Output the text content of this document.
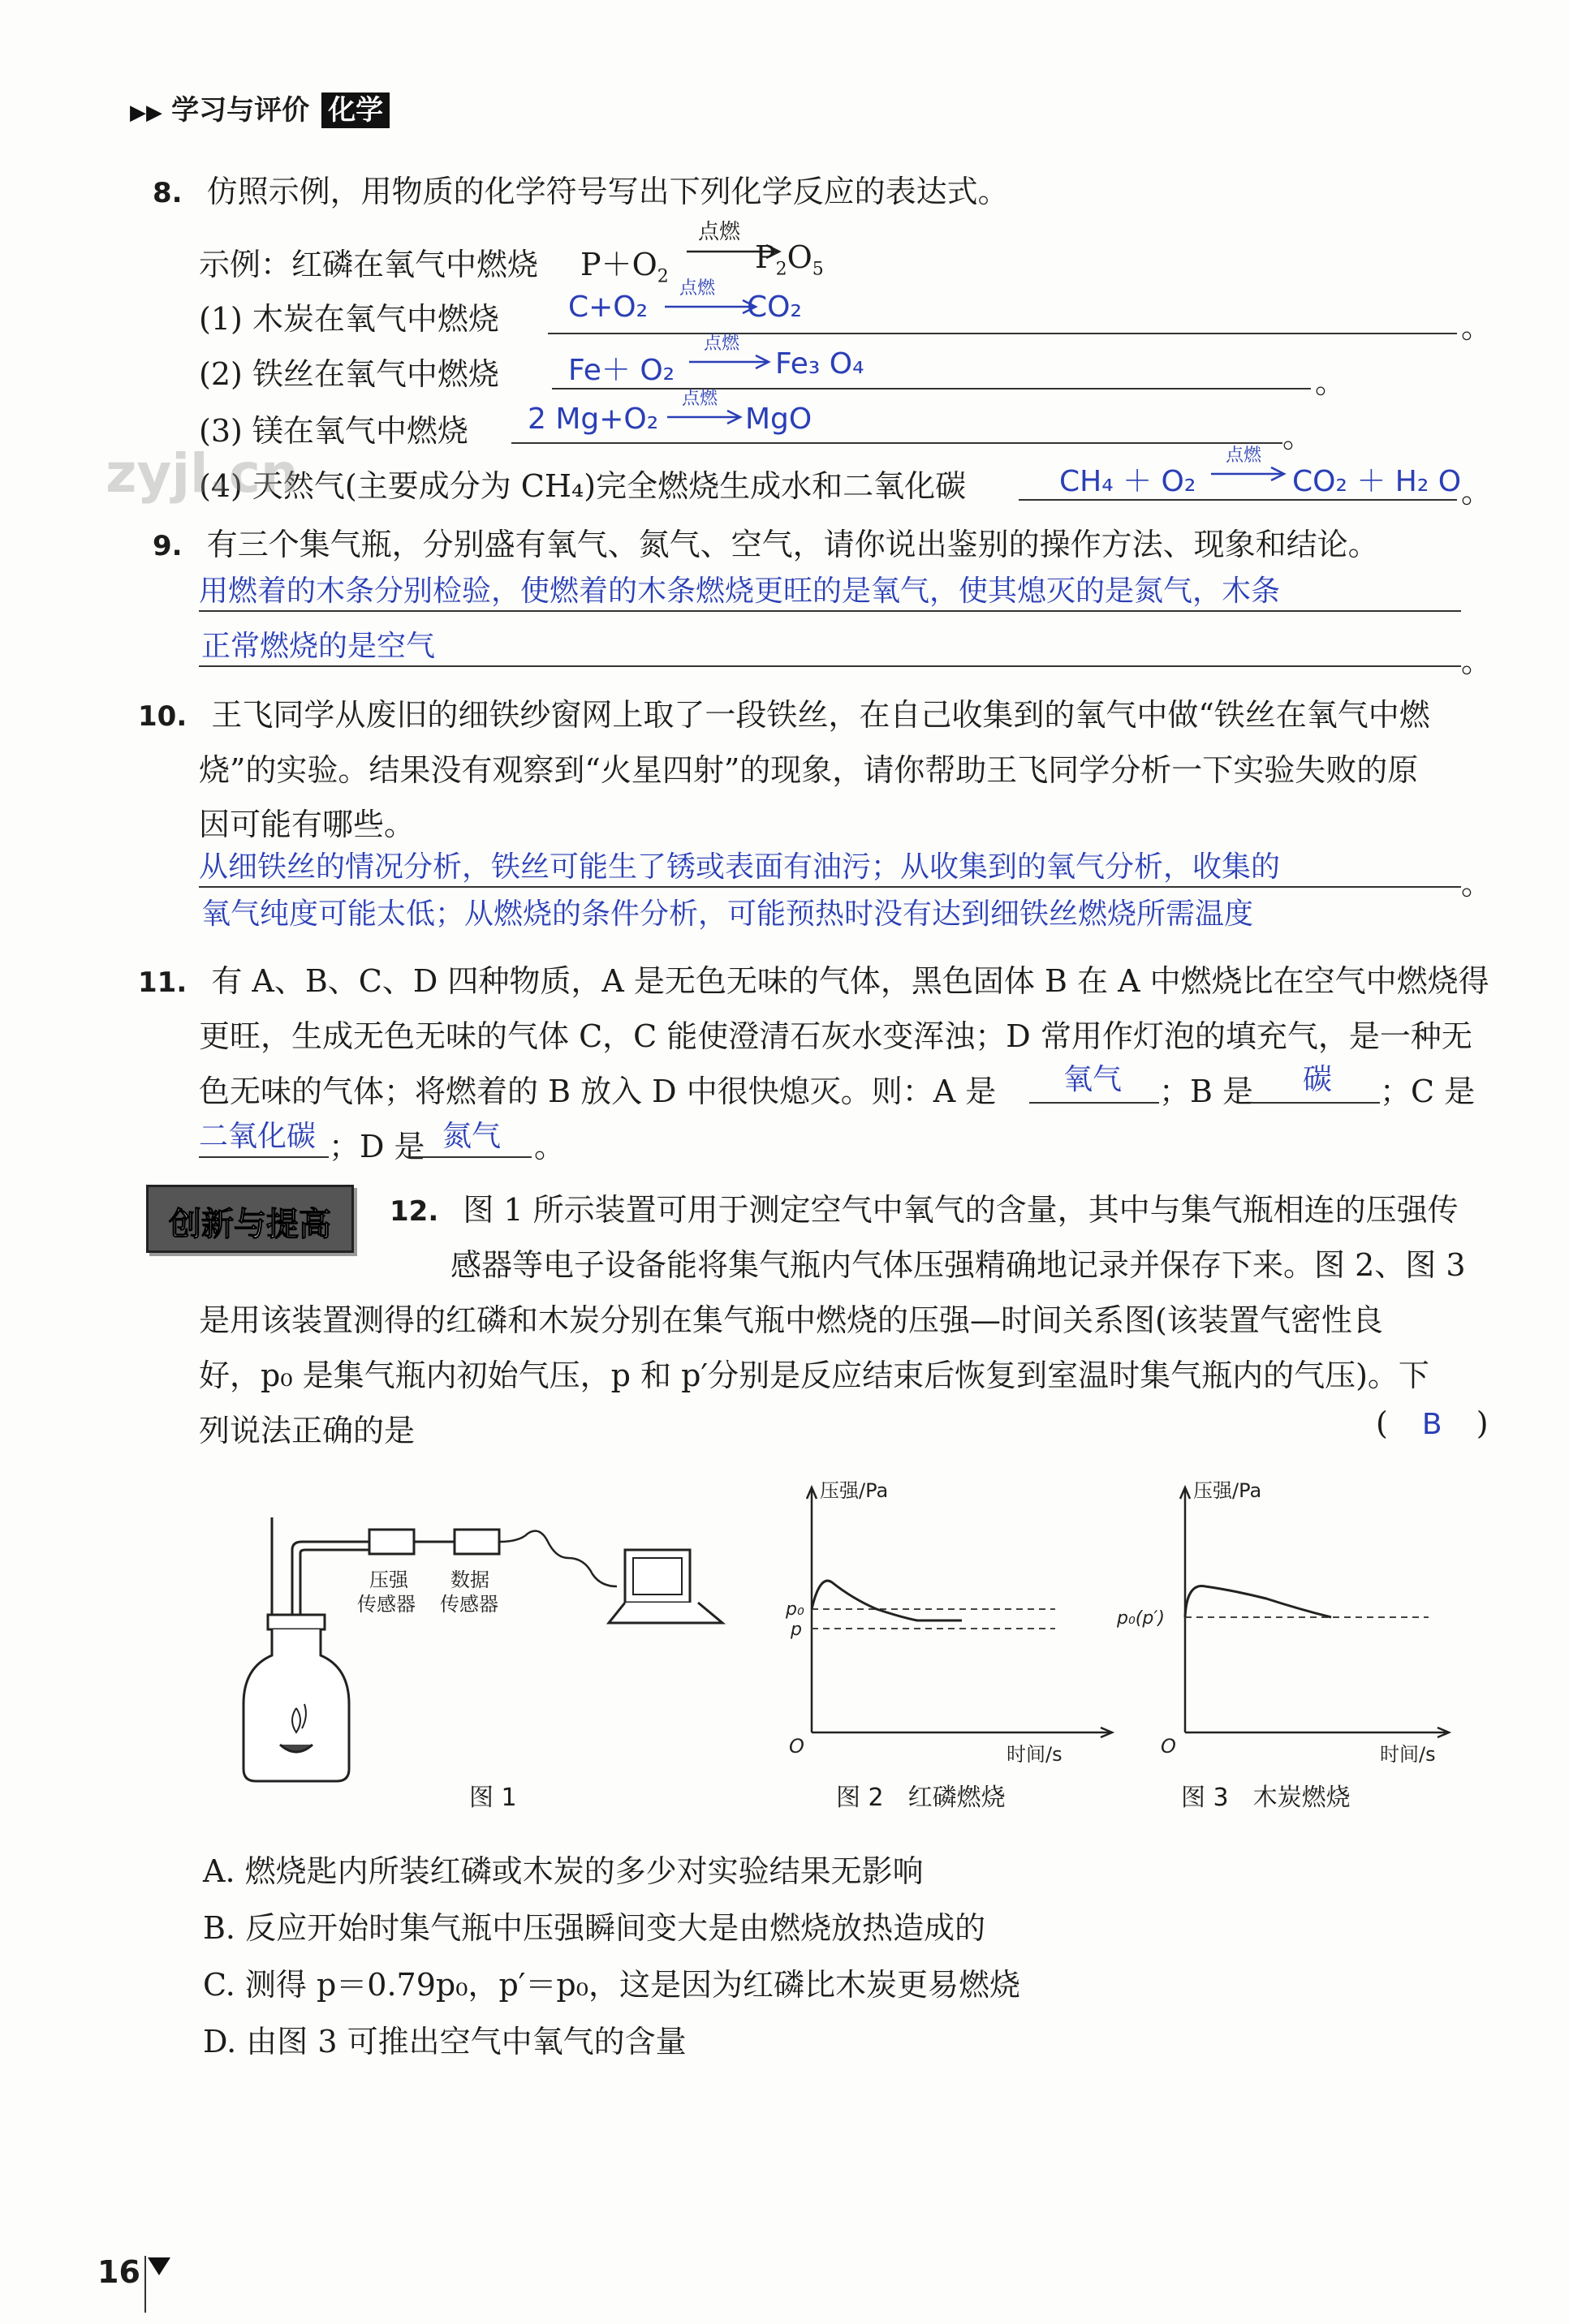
▶▶ 学习与评价 化学
8. 仿照示例，用物质的化学符号写出下列化学反应的表达式。
示例：红磷在氧气中燃烧 $P+O_2$
点燃
$P_2O_5$
(1) 木炭在氧气中燃烧 C+O₂
点燃
CO₂
。
(2) 铁丝在氧气中燃烧 Fe＋ O₂
点燃
Fe₃ O₄
。
(3) 镁在氧气中燃烧 2 Mg+O₂
点燃
MgO	。
(4) 天然气(主要成分为 CH₄)完全燃烧生成水和二氧化碳	CH₄ ＋ O₂
点燃
CO₂ ＋ H₂ O 。
zyjl.cn
9. 有三个集气瓶，分别盛有氧气、氮气、空气，请你说出鉴别的操作方法、现象和结论。
用燃着的木条分别检验，使燃着的木条燃烧更旺的是氧气，使其熄灭的是氮气，木条
正常燃烧的是空气	。
10. 王飞同学从废旧的细铁纱窗网上取了一段铁丝，在自己收集到的氧气中做“铁丝在氧气中燃
烧”的实验。结果没有观察到“火星四射”的现象，请你帮助王飞同学分析一下实验失败的原
因可能有哪些。
从细铁丝的情况分析，铁丝可能生了锈或表面有油污；从收集到的氧气分析，收集的	。
氧气纯度可能太低；从燃烧的条件分析，可能预热时没有达到细铁丝燃烧所需温度
11. 有 A、B、C、D 四种物质，A 是无色无味的气体，黑色固体 B 在 A 中燃烧比在空气中燃烧得
更旺，生成无色无味的气体 C，C 能使澄清石灰水变浑浊；D 常用作灯泡的填充气，是一种无
色无味的气体；将燃着的 B 放入 D 中很快熄灭。则：A 是 氧气 ；B 是 碳 ；C 是
二氧化碳 ；D 是 氮气 。
创新与提高	12. 图 1 所示装置可用于测定空气中氧气的含量，其中与集气瓶相连的压强传
感器等电子设备能将集气瓶内气体压强精确地记录并保存下来。图 2、图 3
是用该装置测得的红磷和木炭分别在集气瓶中燃烧的压强—时间关系图(该装置气密性良
好，p₀ 是集气瓶内初始气压，p 和 p′分别是反应结束后恢复到室温时集气瓶内的气压)。下
列说法正确的是	( B )
压强
传感器
数据
传感器
图 1
压强/Pa
p₀
p
O	时间/s
图 2　红磷燃烧
压强/Pa
p₀(p′)
O	时间/s
图 3　木炭燃烧
A. 燃烧匙内所装红磷或木炭的多少对实验结果无影响
B. 反应开始时集气瓶中压强瞬间变大是由燃烧放热造成的
C. 测得 p＝0.79p₀，p′＝p₀，这是因为红磷比木炭更易燃烧
D. 由图 3 可推出空气中氧气的含量
16
